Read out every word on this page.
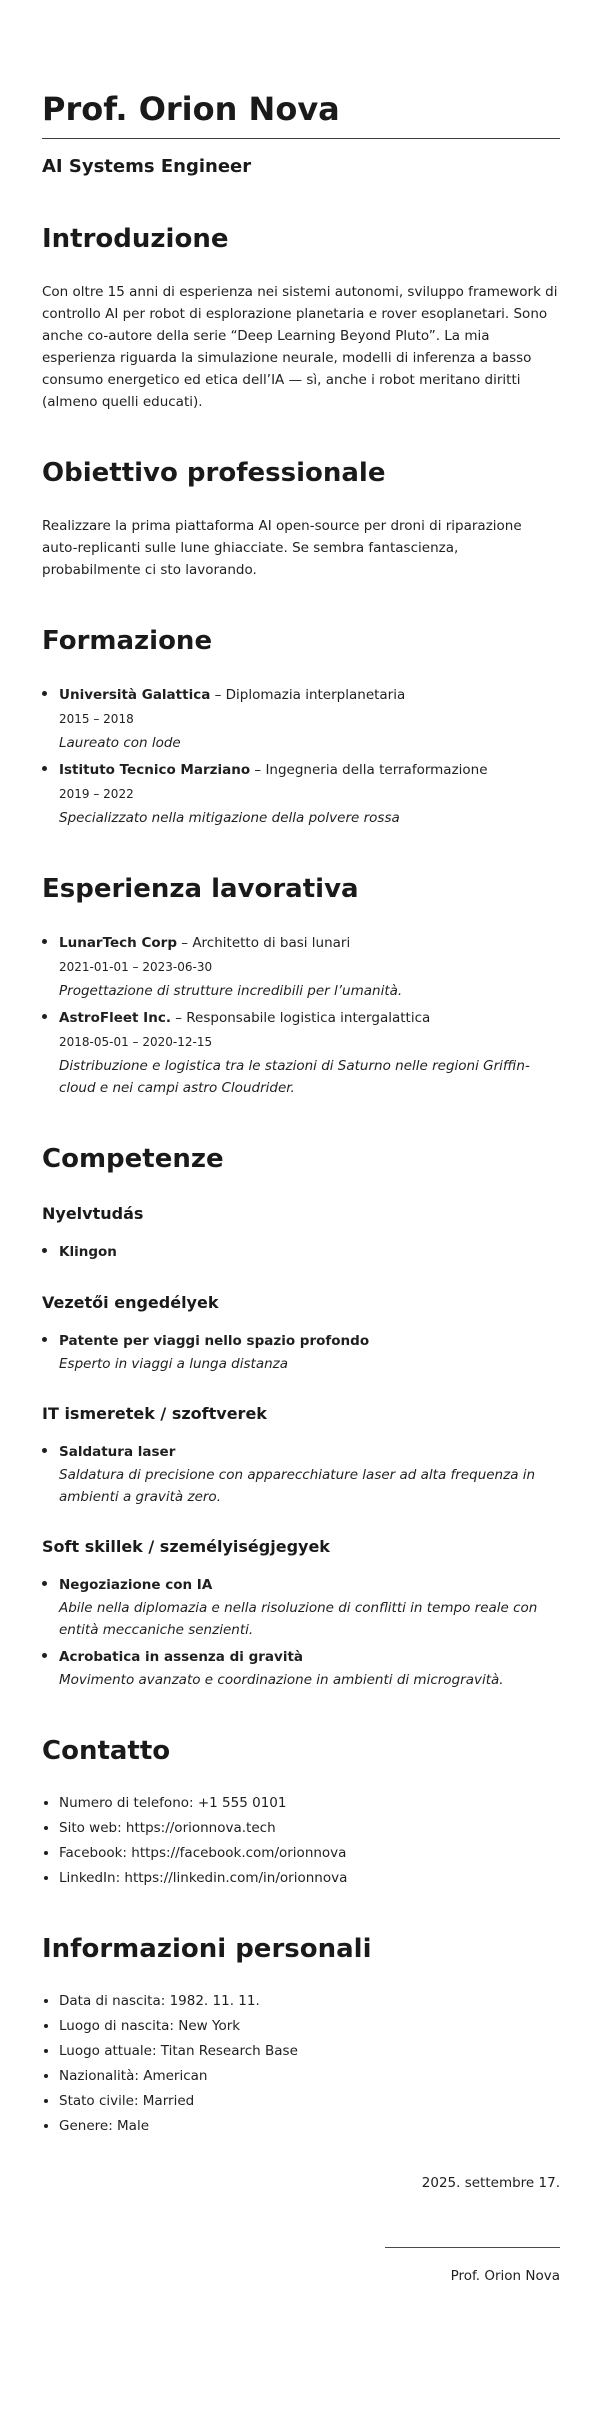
Prof. Orion Nova
AI Systems Engineer
Introduzione

Con oltre 15 anni di esperienza nei sistemi autonomi, sviluppo framework di controllo AI per robot di esplorazione planetaria e rover esoplanetari. Sono anche co-autore della serie “Deep Learning Beyond Pluto”. La mia esperienza riguarda la simulazione neurale, modelli di inferenza a basso consumo energetico ed etica dell’IA — sì, anche i robot meritano diritti (almeno quelli educati).

Obiettivo professionale

Realizzare la prima piattaforma AI open-source per droni di riparazione auto-replicanti sulle lune ghiacciate. Se sembra fantascienza, probabilmente ci sto lavorando.

Formazione
• Università Galattica – Diplomazia interplanetaria
2015 – 2018
Laureato con lode
• Istituto Tecnico Marziano – Ingegneria della terraformazione
2019 – 2022
Specializzato nella mitigazione della polvere rossa
Esperienza lavorativa
• LunarTech Corp – Architetto di basi lunari
2021-01-01 – 2023-06-30
Progettazione di strutture incredibili per l’umanità.
• AstroFleet Inc. – Responsabile logistica intergalattica
2018-05-01 – 2020-12-15
Distribuzione e logistica tra le stazioni di Saturno nelle regioni Griffin-cloud e nei campi astro Cloudrider.
Competenze
Nyelvtudás
• Klingon
Vezetői engedélyek
• Patente per viaggi nello spazio profondo
Esperto in viaggi a lunga distanza
IT ismeretek / szoftverek
• Saldatura laser
Saldatura di precisione con apparecchiature laser ad alta frequenza in ambienti a gravità zero.
Soft skillek / személyiségjegyek
• Negoziazione con IA
Abile nella diplomazia e nella risoluzione di conflitti in tempo reale con entità meccaniche senzienti.
• Acrobatica in assenza di gravità
Movimento avanzato e coordinazione in ambienti di microgravità.
Contatto
• Numero di telefono: +1 555 0101
• Sito web: https://orionnova.tech
• Facebook: https://facebook.com/orionnova
• LinkedIn: https://linkedin.com/in/orionnova
Informazioni personali
• Data di nascita: 1982. 11. 11.
• Luogo di nascita: New York
• Luogo attuale: Titan Research Base
• Nazionalità: American
• Stato civile: Married
• Genere: Male
2025. settembre 17.
Prof. Orion Nova
